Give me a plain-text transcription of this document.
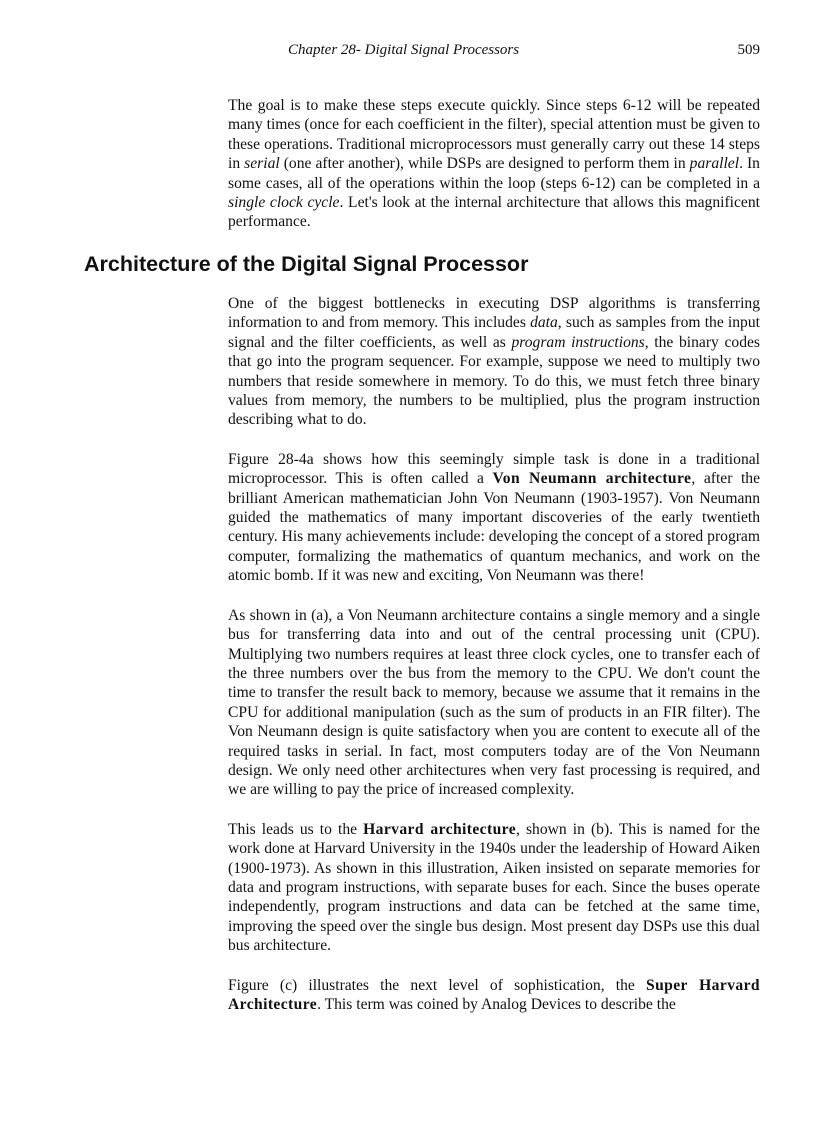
Chapter 28- Digital Signal Processors	509

The goal is to make these steps execute quickly. Since steps 6-12 will be repeated many times (once for each coefficient in the filter), special attention must be given to these operations. Traditional microprocessors must generally carry out these 14 steps in serial (one after another), while DSPs are designed to perform them in parallel. In some cases, all of the operations within the loop (steps 6-12) can be completed in a single clock cycle. Let's look at the internal architecture that allows this magnificent performance.

Architecture of the Digital Signal Processor

One of the biggest bottlenecks in executing DSP algorithms is transferring information to and from memory. This includes data, such as samples from the input signal and the filter coefficients, as well as program instructions, the binary codes that go into the program sequencer. For example, suppose we need to multiply two numbers that reside somewhere in memory. To do this, we must fetch three binary values from memory, the numbers to be multiplied, plus the program instruction describing what to do.

Figure 28-4a shows how this seemingly simple task is done in a traditional microprocessor. This is often called a Von Neumann architecture, after the brilliant American mathematician John Von Neumann (1903-1957). Von Neumann guided the mathematics of many important discoveries of the early twentieth century. His many achievements include: developing the concept of a stored program computer, formalizing the mathematics of quantum mechanics, and work on the atomic bomb. If it was new and exciting, Von Neumann was there!

As shown in (a), a Von Neumann architecture contains a single memory and a single bus for transferring data into and out of the central processing unit (CPU). Multiplying two numbers requires at least three clock cycles, one to transfer each of the three numbers over the bus from the memory to the CPU. We don't count the time to transfer the result back to memory, because we assume that it remains in the CPU for additional manipulation (such as the sum of products in an FIR filter). The Von Neumann design is quite satisfactory when you are content to execute all of the required tasks in serial. In fact, most computers today are of the Von Neumann design. We only need other architectures when very fast processing is required, and we are willing to pay the price of increased complexity.

This leads us to the Harvard architecture, shown in (b). This is named for the work done at Harvard University in the 1940s under the leadership of Howard Aiken (1900-1973). As shown in this illustration, Aiken insisted on separate memories for data and program instructions, with separate buses for each. Since the buses operate independently, program instructions and data can be fetched at the same time, improving the speed over the single bus design. Most present day DSPs use this dual bus architecture.

Figure (c) illustrates the next level of sophistication, the Super Harvard Architecture. This term was coined by Analog Devices to describe the
